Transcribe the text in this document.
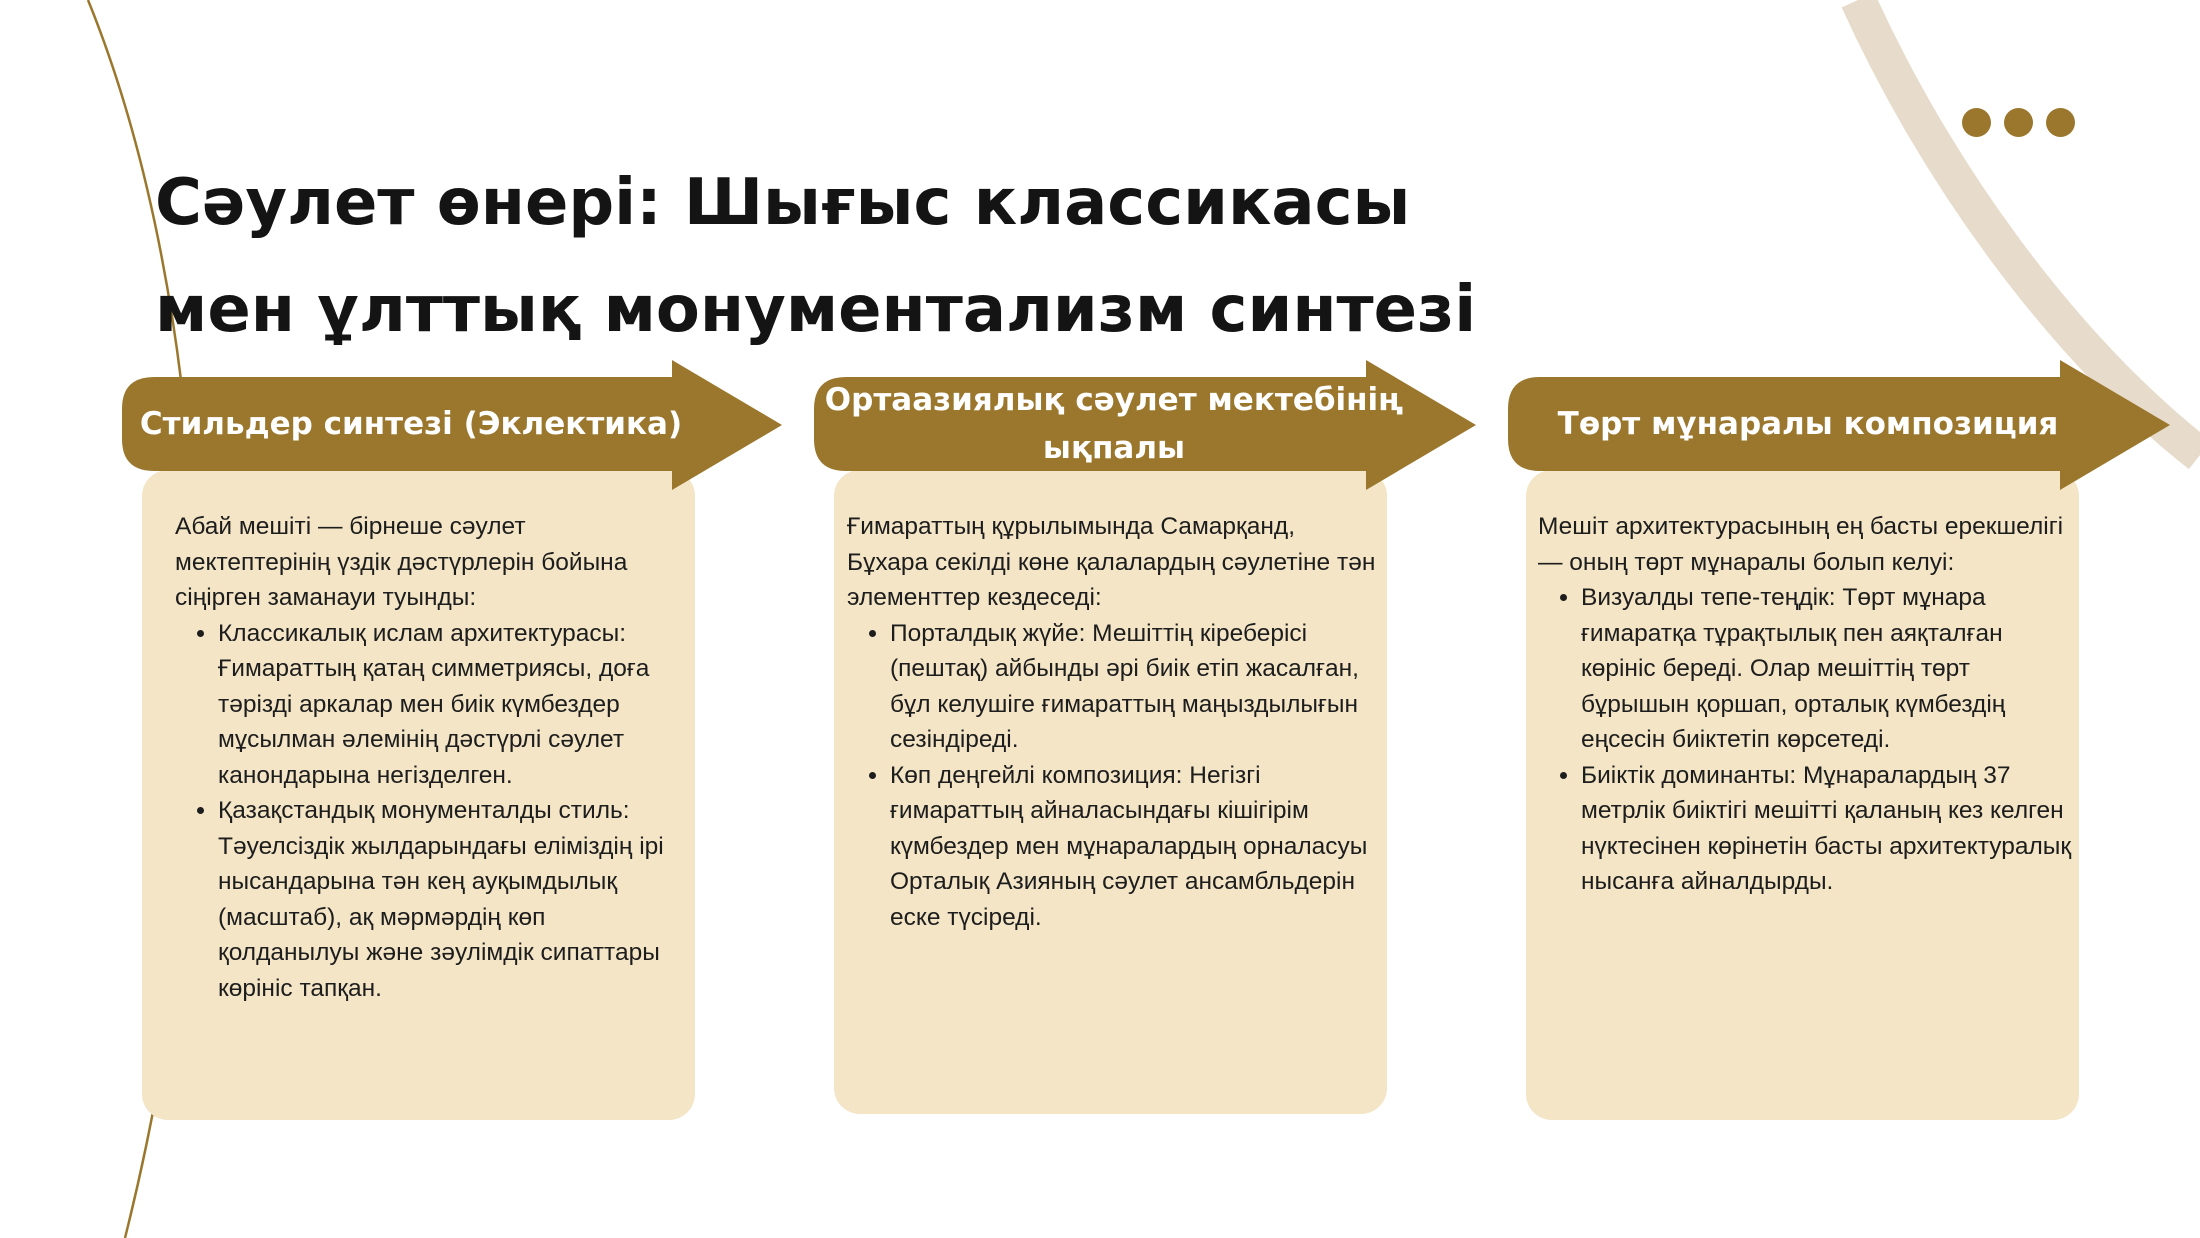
Сәулет өнері: Шығыс классикасы
мен ұлттық монументализм синтезі

Абай мешіті — бірнеше сәулет мектептерінің үздік дәстүрлерін бойына сіңірген заманауи туынды:

• Классикалық ислам архитектурасы: Ғимараттың қатаң симметриясы, доға тәрізді аркалар мен биік күмбездер мұсылман әлемінің дәстүрлі сәулет канондарына негізделген.
• Қазақстандық монументалды стиль: Тәуелсіздік жылдарындағы еліміздің ірі нысандарына тән кең ауқымдылық (масштаб), ақ мәрмәрдің көп қолданылуы және зәулімдік сипаттары көрініс тапқан.
Стильдер синтезі (Эклектика)

Ғимараттың құрылымында Самарқанд, Бұхара секілді көне қалалардың сәулетіне тән элементтер кездеседі:

• Порталдық жүйе: Мешіттің кіреберісі (пештақ) айбынды әрі биік етіп жасалған, бұл келушіге ғимараттың маңыздылығын сезіндіреді.
• Көп деңгейлі композиция: Негізгі ғимараттың айналасындағы кішігірім күмбездер мен мұнаралардың орналасуы Орталық Азияның сәулет ансамбльдерін еске түсіреді.
Ортаазиялық сәулет мектебінің ықпалы

Мешіт архитектурасының ең басты ерекшелігі — оның төрт мұнаралы болып келуі:

• Визуалды тепе-теңдік: Төрт мұнара ғимаратқа тұрақтылық пен аяқталған көрініс береді. Олар мешіттің төрт бұрышын қоршап, орталық күмбездің еңсесін биіктетіп көрсетеді.
• Биіктік доминанты: Мұнаралардың 37 метрлік биіктігі мешітті қаланың кез келген нүктесінен көрінетін басты архитектуралық нысанға айналдырды.
Төрт мұнаралы композиция
